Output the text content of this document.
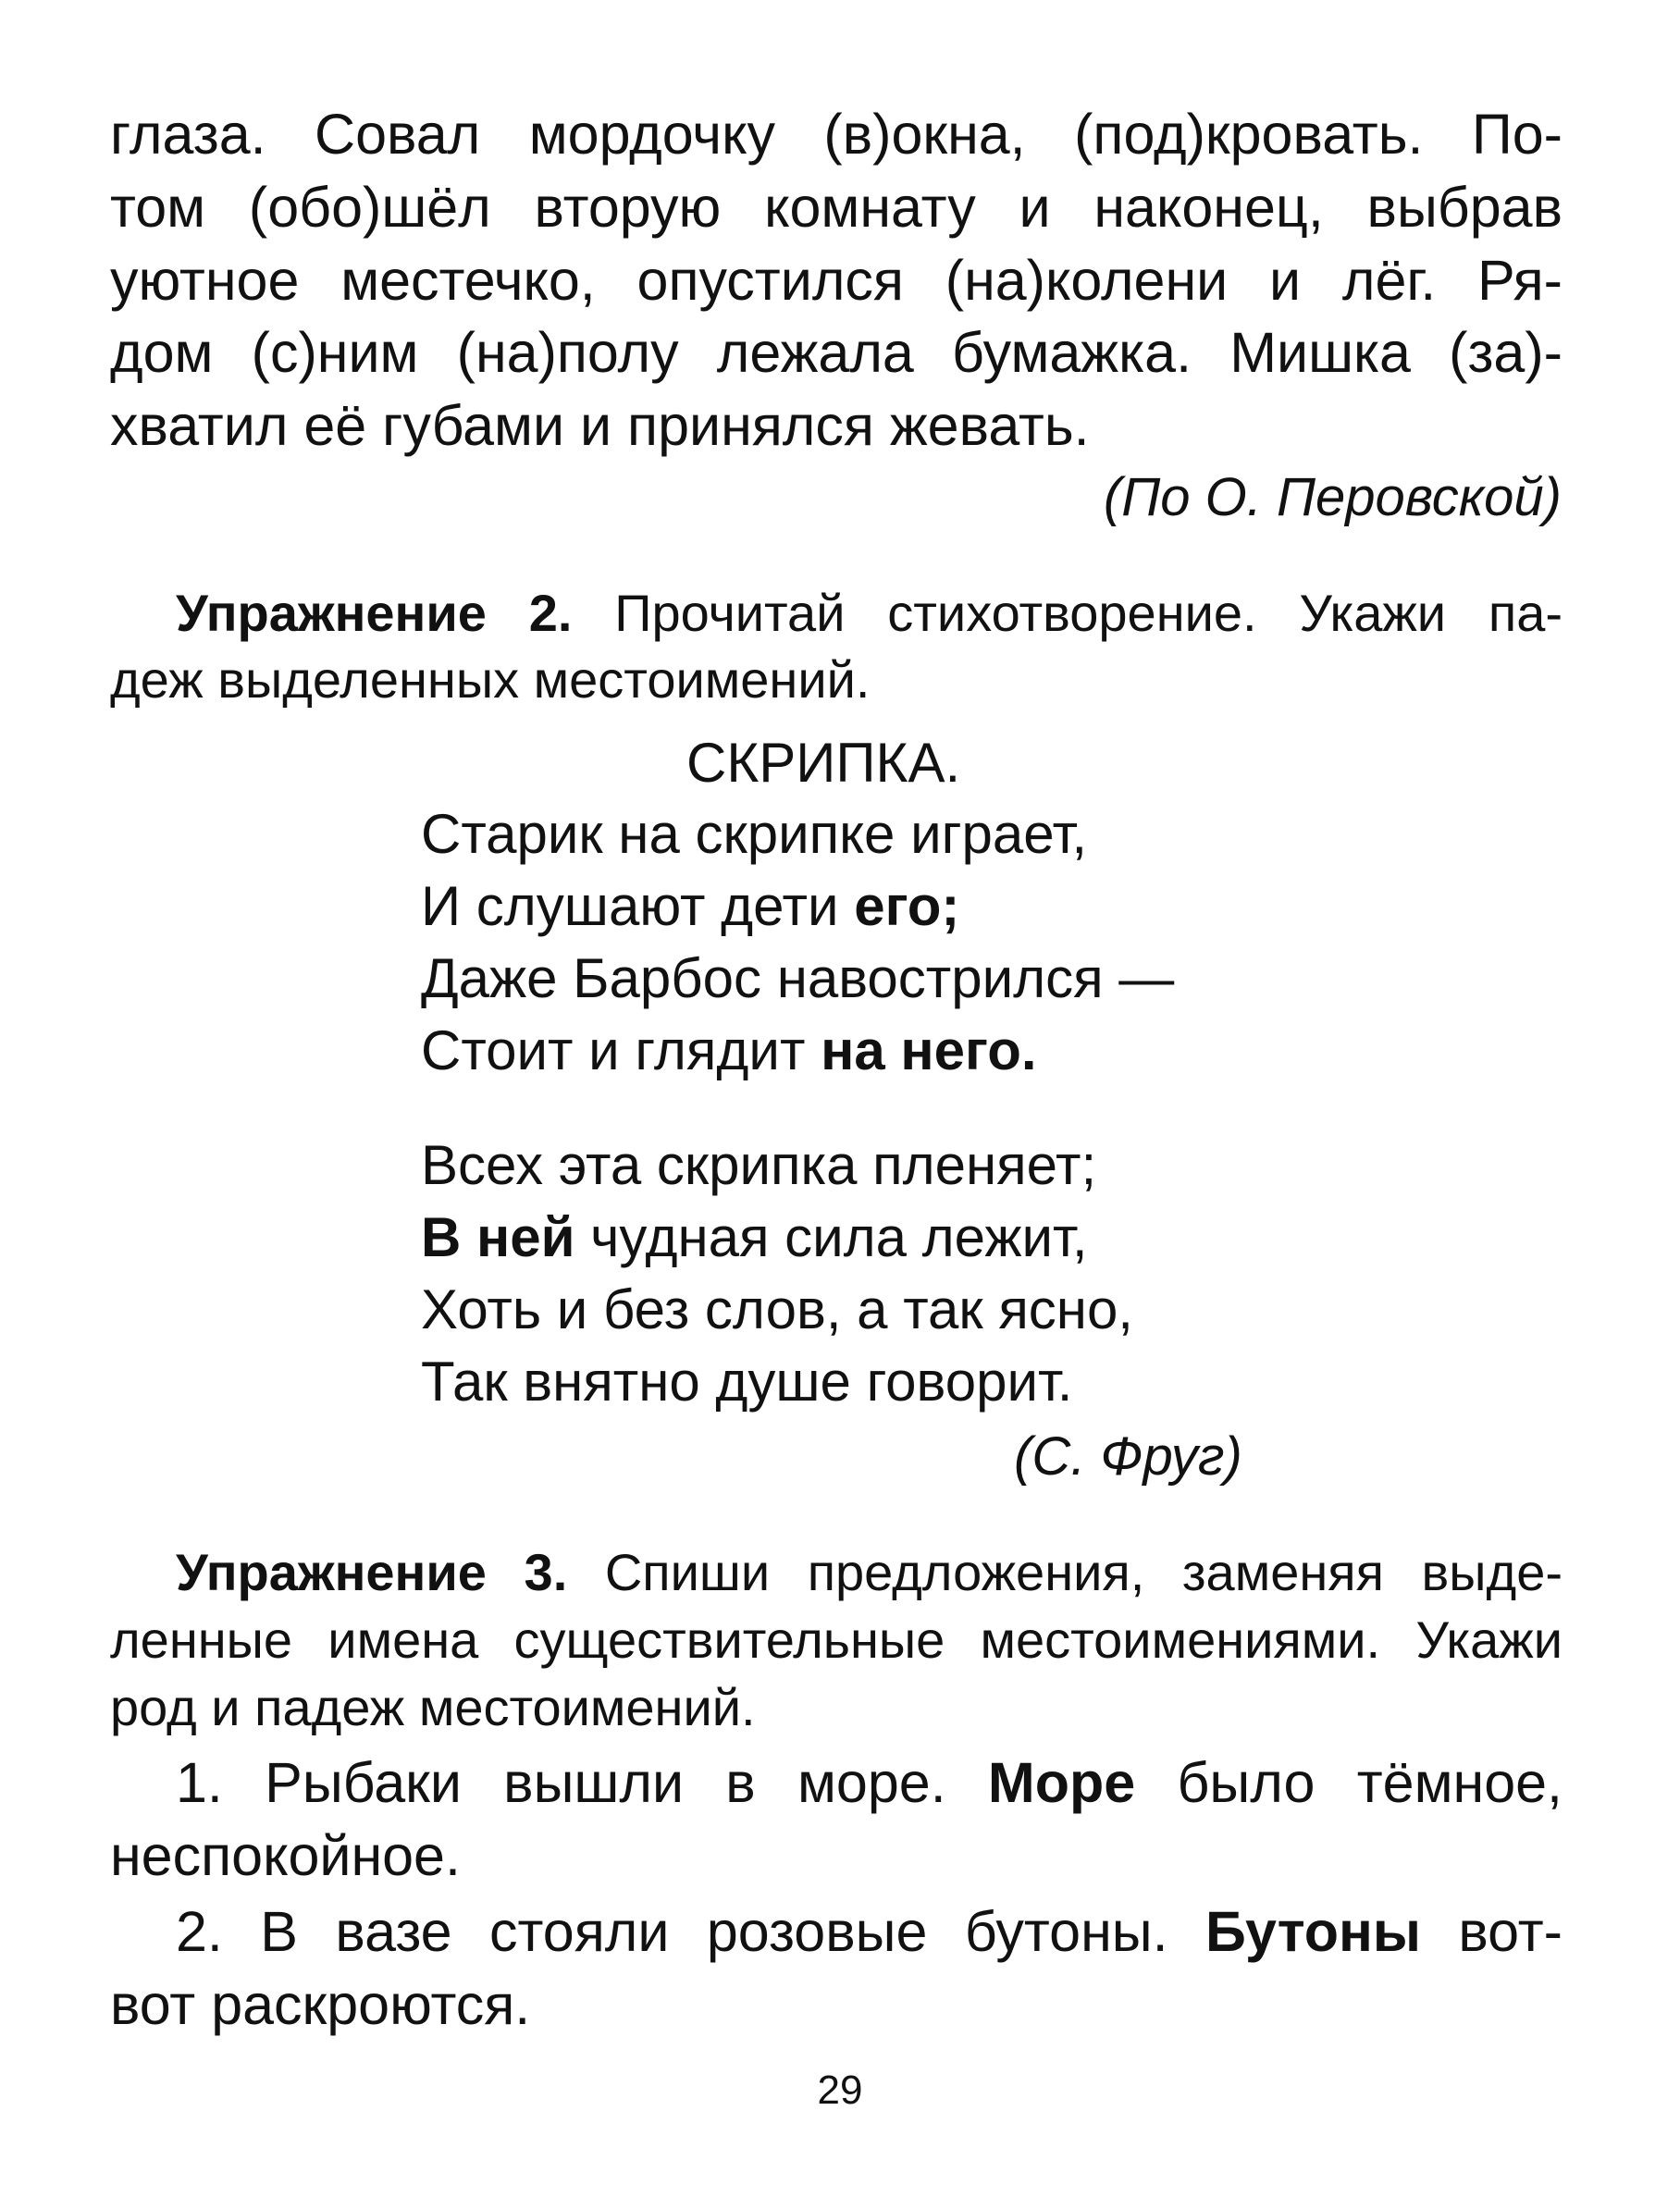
глаза. Совал мордочку (в)окна, (под)кровать. По-
том (обо)шёл вторую комнату и наконец, выбрав
уютное местечко, опустился (на)колени и лёг. Ря-
дом (с)ним (на)полу лежала бумажка. Мишка (за)-
хватил её губами и принялся жевать.
(По О. Перовской)
Упражнение 2. Прочитай стихотворение. Укажи па-
деж выделенных местоимений.
СКРИПКА.
Старик на скрипке играет,
И слушают дети его;
Даже Барбос навострился —
Стоит и глядит на него.
Всех эта скрипка пленяет;
В ней чудная сила лежит,
Хоть и без слов, а так ясно,
Так внятно душе говорит.
(С. Фруг)
Упражнение 3. Спиши предложения, заменяя выде-
ленные имена существительные местоимениями. Укажи
род и падеж местоимений.
1. Рыбаки вышли в море. Море было тёмное,
неспокойное.
2. В вазе стояли розовые бутоны. Бутоны вот-
вот раскроются.
29
